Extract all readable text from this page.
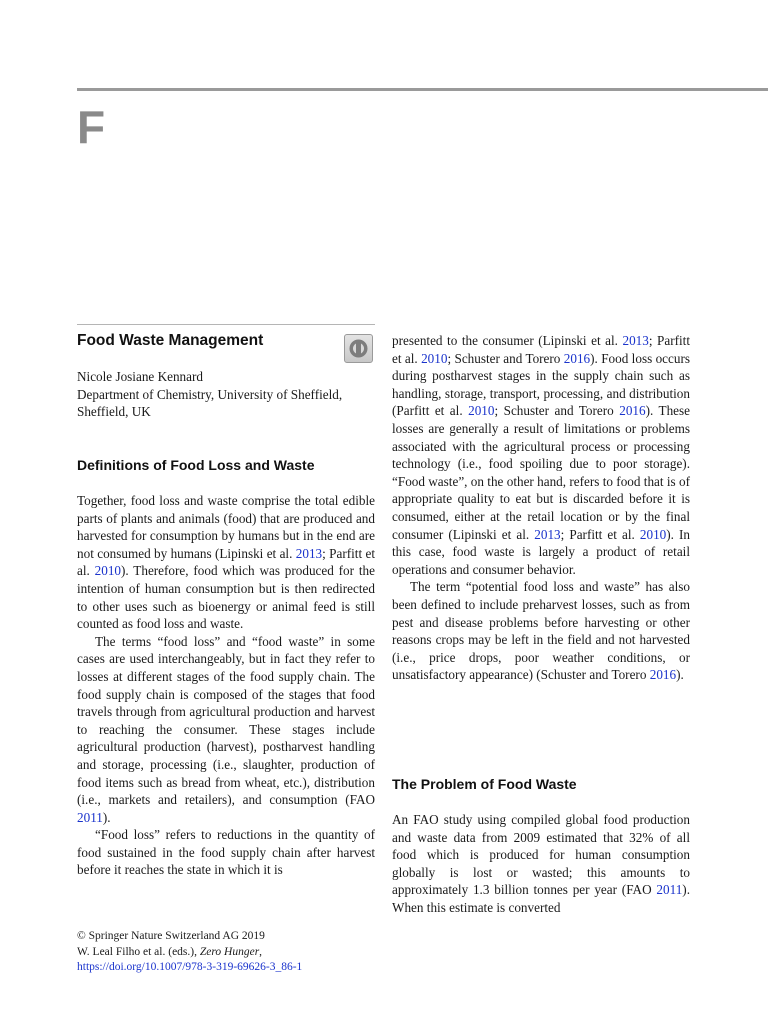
F
Food Waste Management
Nicole Josiane Kennard
Department of Chemistry, University of Sheffield,
Sheffield, UK
Definitions of Food Loss and Waste

Together, food loss and waste comprise the total edible parts of plants and animals (food) that are produced and harvested for consumption by humans but in the end are not consumed by humans (Lipinski et al. 2013; Parfitt et al. 2010). Therefore, food which was produced for the intention of human consumption but is then redirected to other uses such as bioenergy or animal feed is still counted as food loss and waste.

The terms “food loss” and “food waste” in some cases are used interchangeably, but in fact they refer to losses at different stages of the food supply chain. The food supply chain is composed of the stages that food travels through from agricultural production and harvest to reaching the consumer. These stages include agricultural production (harvest), postharvest handling and storage, processing (i.e., slaughter, production of food items such as bread from wheat, etc.), distribution (i.e., markets and retailers), and consumption (FAO 2011).

“Food loss” refers to reductions in the quantity of food sustained in the food supply chain after harvest before it reaches the state in which it is

presented to the consumer (Lipinski et al. 2013; Parfitt et al. 2010; Schuster and Torero 2016). Food loss occurs during postharvest stages in the supply chain such as handling, storage, transport, processing, and distribution (Parfitt et al. 2010; Schuster and Torero 2016). These losses are generally a result of limitations or problems associated with the agricultural process or processing technology (i.e., food spoiling due to poor storage). “Food waste”, on the other hand, refers to food that is of appropriate quality to eat but is discarded before it is consumed, either at the retail location or by the final consumer (Lipinski et al. 2013; Parfitt et al. 2010). In this case, food waste is largely a product of retail operations and consumer behavior.

The term “potential food loss and waste” has also been defined to include preharvest losses, such as from pest and disease problems before harvesting or other reasons crops may be left in the field and not harvested (i.e., price drops, poor weather conditions, or unsatisfactory appearance) (Schuster and Torero 2016).

The Problem of Food Waste

An FAO study using compiled global food production and waste data from 2009 estimated that 32% of all food which is produced for human consumption globally is lost or wasted; this amounts to approximately 1.3 billion tonnes per year (FAO 2011). When this estimate is converted

© Springer Nature Switzerland AG 2019
W. Leal Filho et al. (eds.), Zero Hunger,
https://doi.org/10.1007/978-3-319-69626-3_86-1
